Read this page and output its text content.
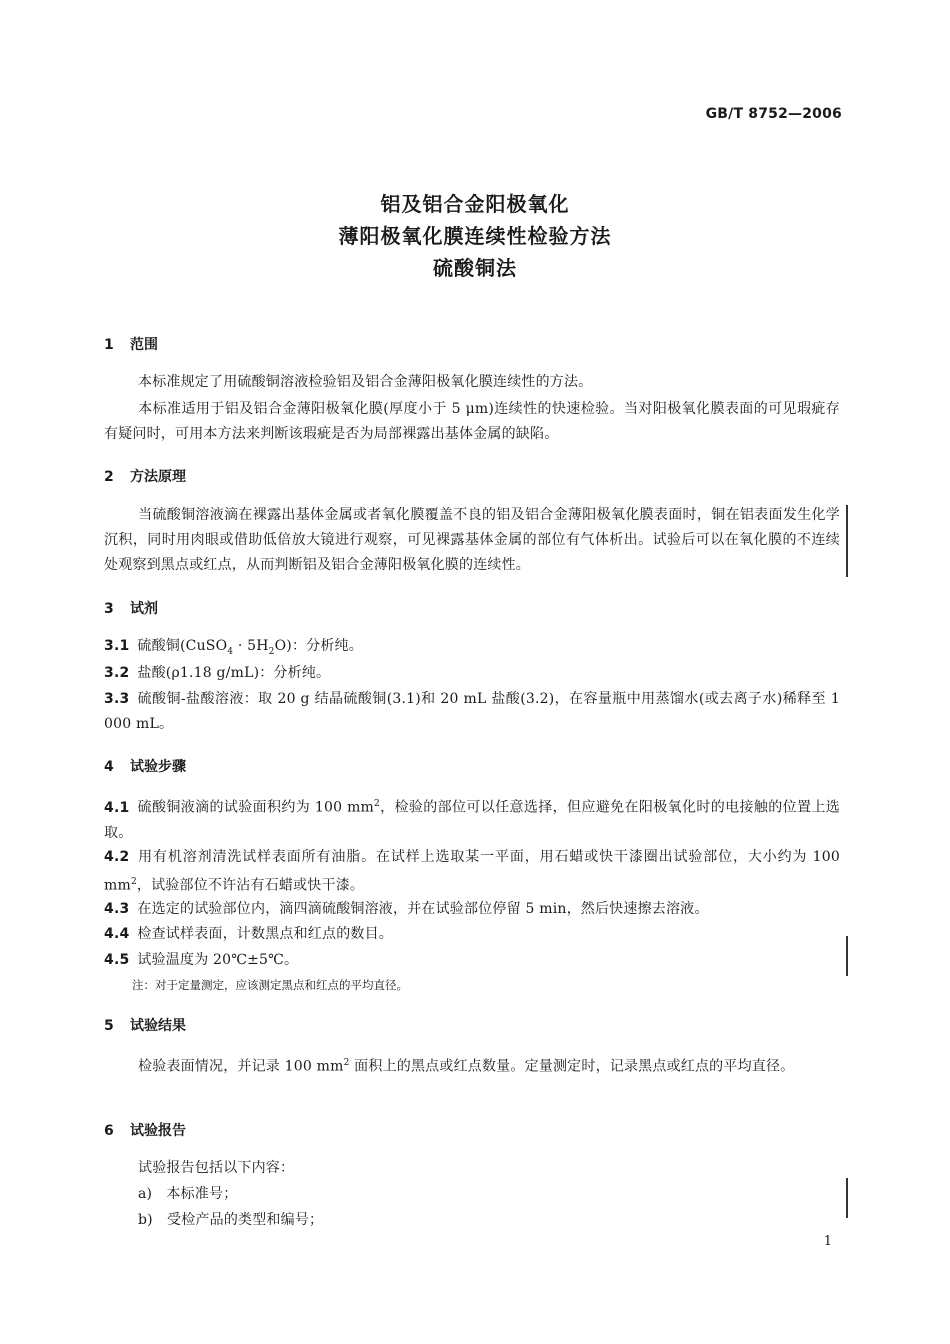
GB/T 8752—2006
铝及铝合金阳极氧化
薄阳极氧化膜连续性检验方法
硫酸铜法
1 范围
本标准规定了用硫酸铜溶液检验铝及铝合金薄阳极氧化膜连续性的方法。
本标准适用于铝及铝合金薄阳极氧化膜(厚度小于 5 μm)连续性的快速检验。当对阳极氧化膜表面的可见瑕疵存有疑问时，可用本方法来判断该瑕疵是否为局部裸露出基体金属的缺陷。
2 方法原理
当硫酸铜溶液滴在裸露出基体金属或者氧化膜覆盖不良的铝及铝合金薄阳极氧化膜表面时，铜在铝表面发生化学沉积，同时用肉眼或借助低倍放大镜进行观察，可见裸露基体金属的部位有气体析出。试验后可以在氧化膜的不连续处观察到黑点或红点，从而判断铝及铝合金薄阳极氧化膜的连续性。
3 试剂
3.1 硫酸铜(CuSO$_4$ · $5H_2O$)：分析纯。
3.2 盐酸(ρ1.18 g/mL)：分析纯。
3.3 硫酸铜-盐酸溶液：取 20 g 结晶硫酸铜(3.1)和 20 mL 盐酸(3.2)，在容量瓶中用蒸馏水(或去离子水)稀释至 1 000 mL。
4 试验步骤
4.1 硫酸铜液滴的试验面积约为 100 $mm^2$，检验的部位可以任意选择，但应避免在阳极氧化时的电接触的位置上选取。
4.2 用有机溶剂清洗试样表面所有油脂。在试样上选取某一平面，用石蜡或快干漆圈出试验部位，大小约为 100 $mm^2$，试验部位不许沾有石蜡或快干漆。
4.3 在选定的试验部位内，滴四滴硫酸铜溶液，并在试验部位停留 5 min，然后快速擦去溶液。
4.4 检查试样表面，计数黑点和红点的数目。
4.5 试验温度为 20℃±5℃。
注：对于定量测定，应该测定黑点和红点的平均直径。
5 试验结果
检验表面情况，并记录 100 $mm^2$ 面积上的黑点或红点数量。定量测定时，记录黑点或红点的平均直径。
6 试验报告
试验报告包括以下内容：
a)　本标准号；
b)　受检产品的类型和编号；
1
